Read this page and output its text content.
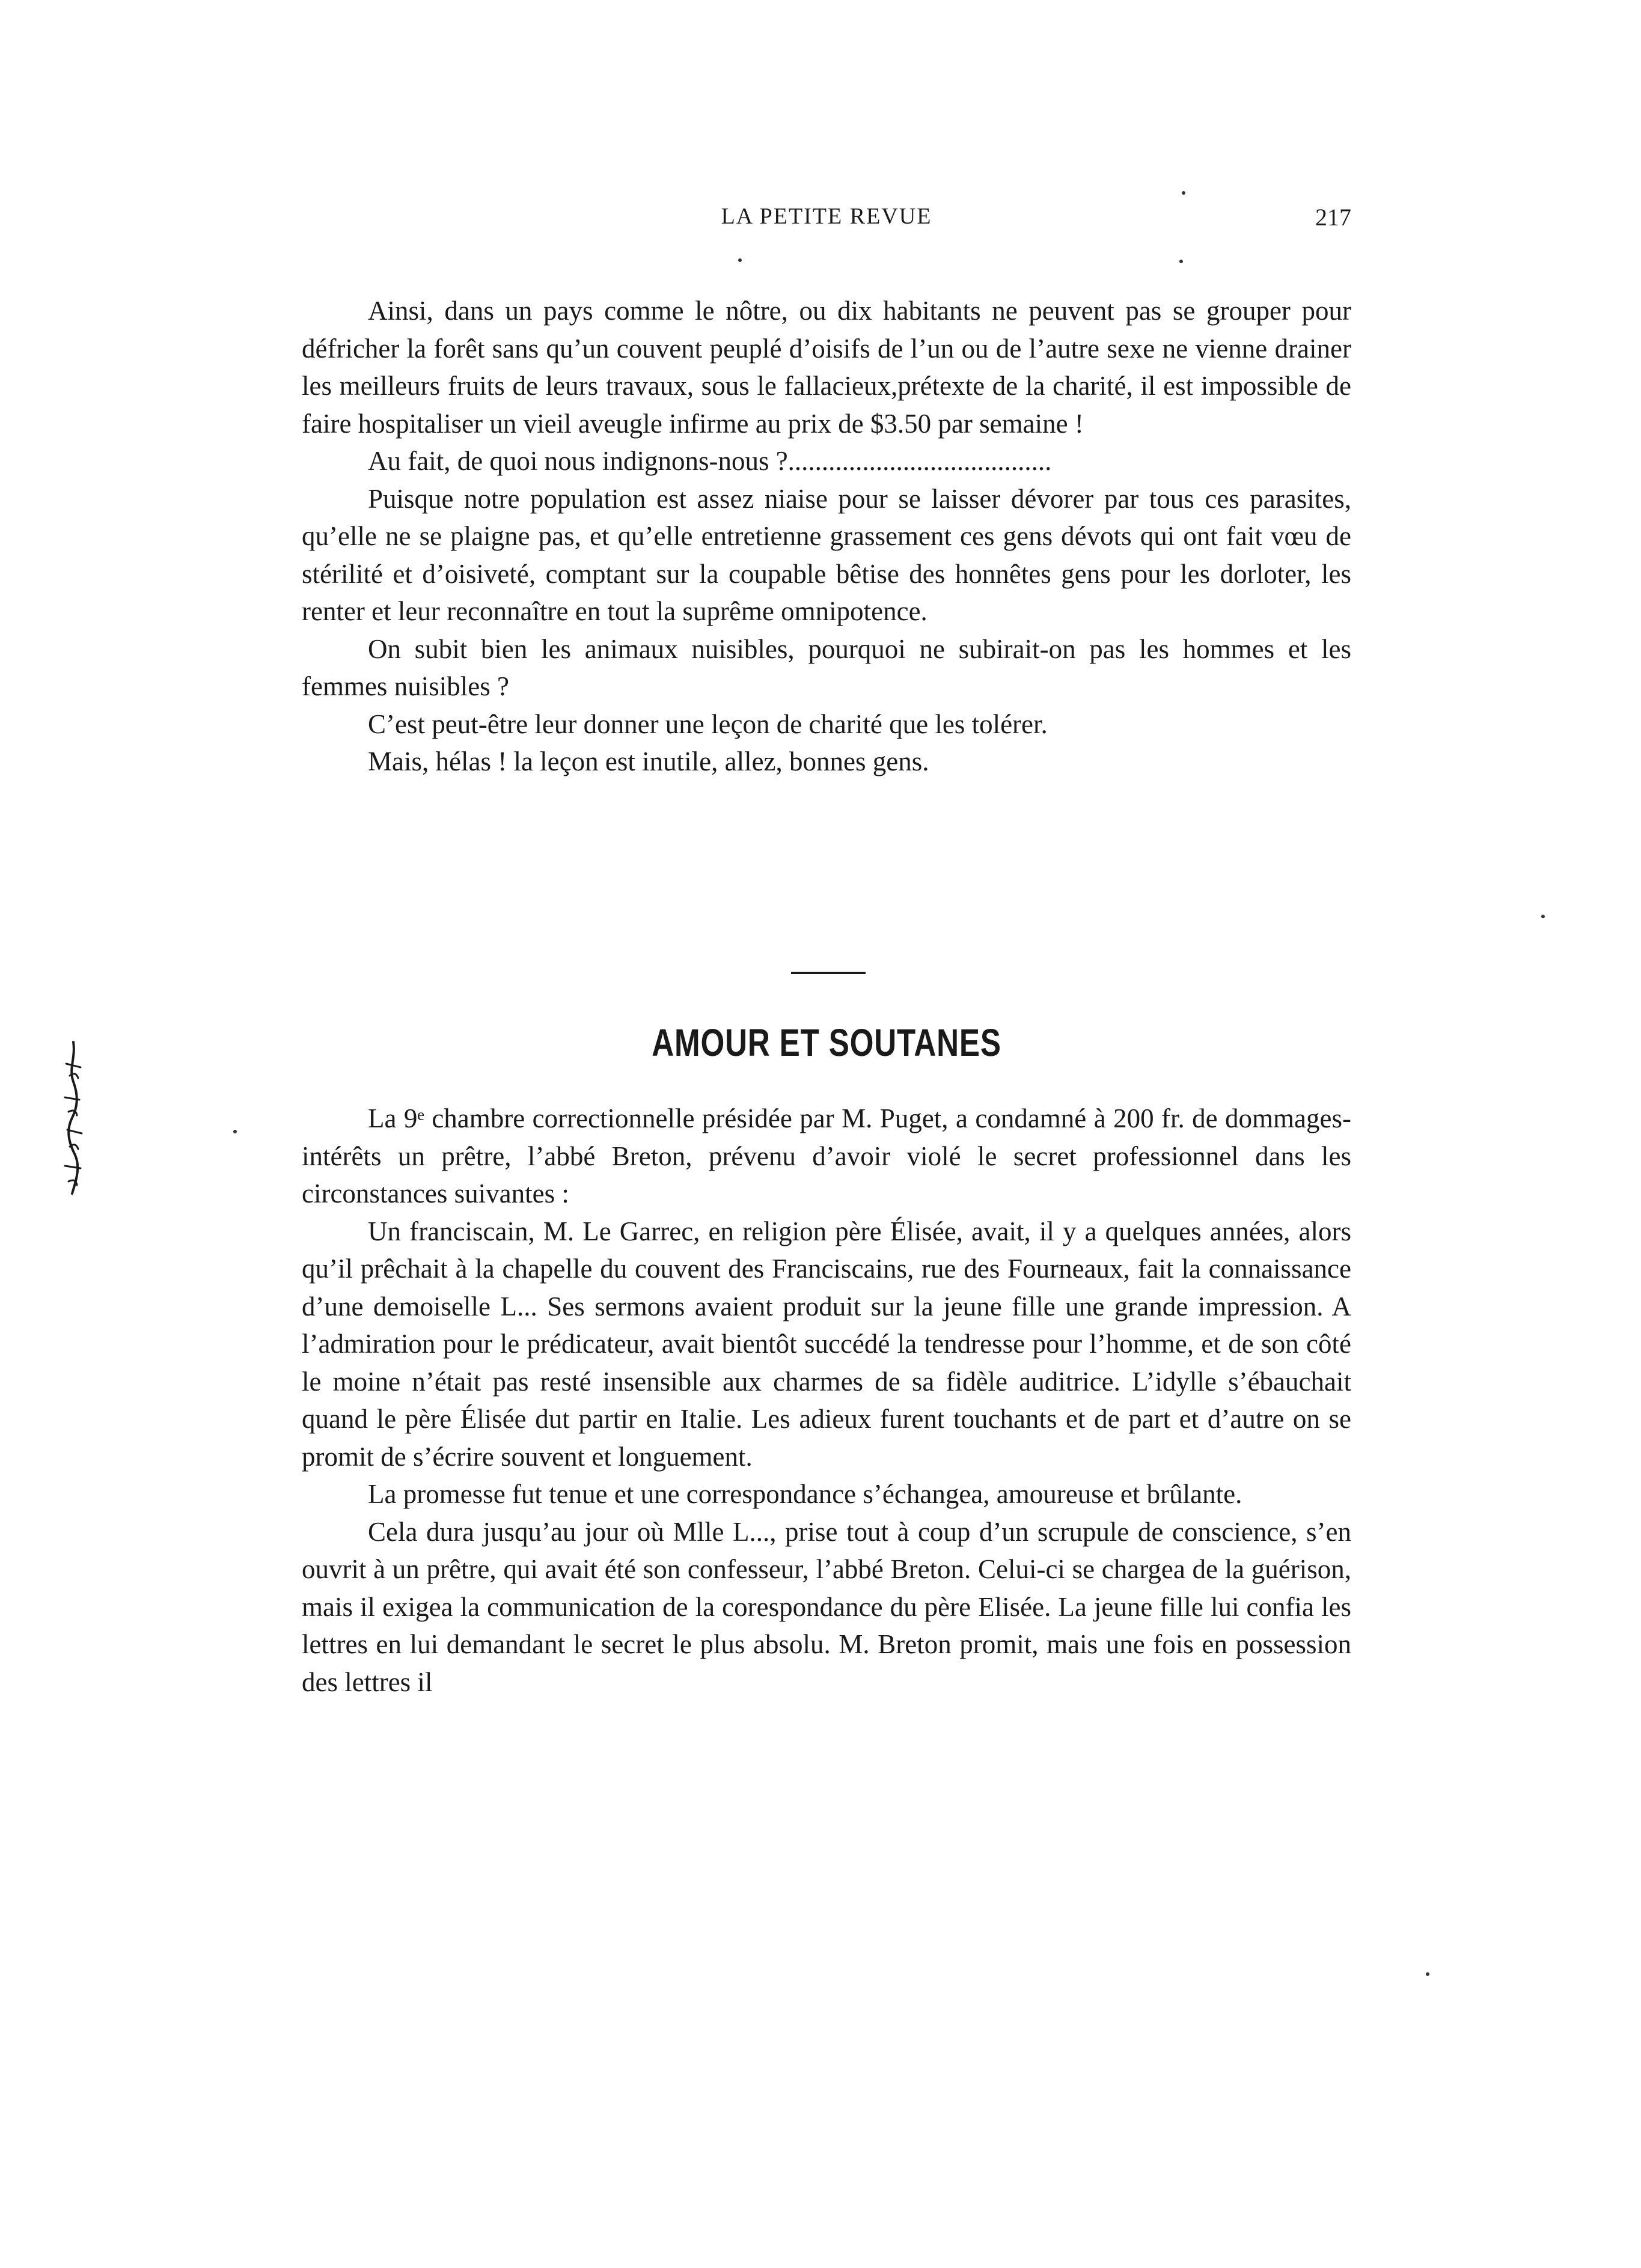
LA PETITE REVUE	217

Ainsi, dans un pays comme le nôtre, ou dix habitants ne peuvent pas se grouper pour défricher la forêt sans qu’un couvent peuplé d’oisifs de l’un ou de l’autre sexe ne vienne drainer les meilleurs fruits de leurs travaux, sous le fallacieux,prétexte de la charité, il est impossible de faire hospitaliser un vieil aveugle infirme au prix de $3.50 par semaine !

Au fait, de quoi nous indignons-nous ?.......................................

Puisque notre population est assez niaise pour se laisser dévorer par tous ces parasites, qu’elle ne se plaigne pas, et qu’elle entretienne grassement ces gens dévots qui ont fait vœu de stérilité et d’oisiveté, comptant sur la coupable bêtise des honnêtes gens pour les dorloter, les renter et leur reconnaître en tout la suprême omnipotence.

On subit bien les animaux nuisibles, pourquoi ne subirait-on pas les hommes et les femmes nuisibles ?

C’est peut-être leur donner une leçon de charité que les tolérer.

Mais, hélas ! la leçon est inutile, allez, bonnes gens.

AMOUR ET SOUTANES

La 9ᵉ chambre correctionnelle présidée par M. Puget, a condamné à 200 fr. de dommages-intérêts un prêtre, l’abbé Breton, prévenu d’avoir violé le secret professionnel dans les circonstances suivantes :

Un franciscain, M. Le Garrec, en religion père Élisée, avait, il y a quelques années, alors qu’il prêchait à la chapelle du couvent des Franciscains, rue des Fourneaux, fait la connaissance d’une demoiselle L... Ses sermons avaient produit sur la jeune fille une grande impression. A l’admiration pour le prédicateur, avait bientôt succédé la tendresse pour l’homme, et de son côté le moine n’était pas resté insensible aux charmes de sa fidèle auditrice. L’idylle s’ébauchait quand le père Élisée dut partir en Italie. Les adieux furent touchants et de part et d’autre on se promit de s’écrire souvent et longuement.

La promesse fut tenue et une correspondance s’échangea, amoureuse et brûlante.

Cela dura jusqu’au jour où Mlle L..., prise tout à coup d’un scrupule de conscience, s’en ouvrit à un prêtre, qui avait été son confesseur, l’abbé Breton. Celui-ci se chargea de la guérison, mais il exigea la communication de la corespondance du père Elisée. La jeune fille lui confia les lettres en lui demandant le secret le plus absolu. M. Breton promit, mais une fois en possession des lettres il
